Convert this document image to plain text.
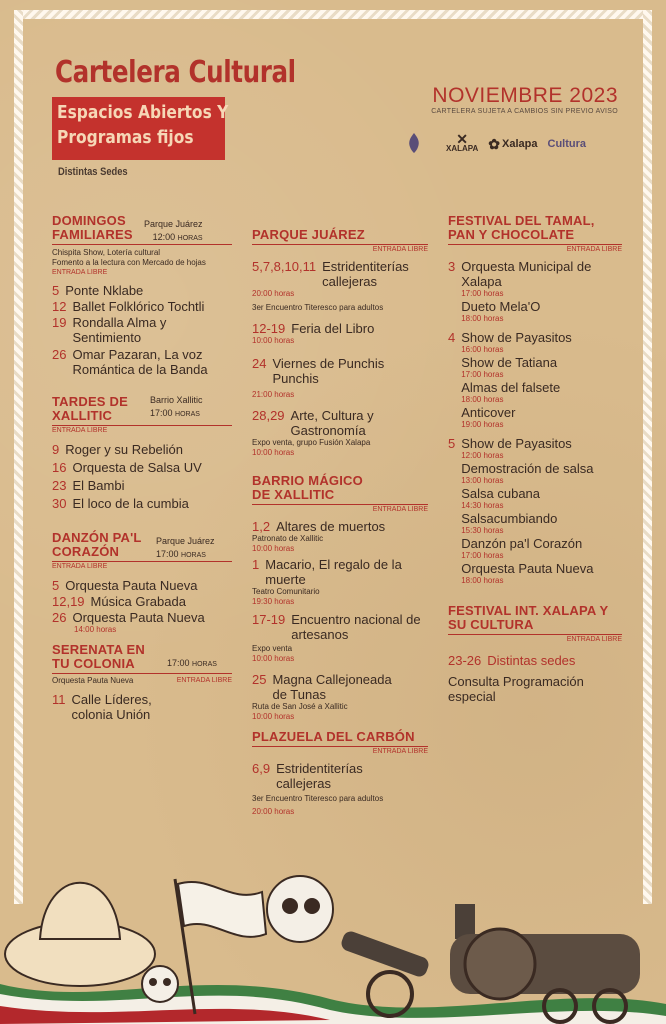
Cartelera Cultural
Espacios Abiertos Y
Programas fijos
Distintas Sedes
NOVIEMBRE 2023
CARTELERA SUJETA A CAMBIOS SIN PREVIO AVISO
✕
XALAPA ✿ Xalapa Cultura
DOMINGOS
FAMILIARES
Parque Juárez
12:00 HORAS
Chispita Show, Lotería cultural
Fomento a la lectura con Mercado de hojas
ENTRADA LIBRE
5 Ponte Nklabe
12 Ballet Folklórico Tochtli
19 Rondalla Alma y Sentimiento
26 Omar Pazaran, La voz Romántica de la Banda
TARDES DE
XALLITIC
Barrio Xallitic
17:00 HORAS
ENTRADA LIBRE
9 Roger y su Rebelión
16 Orquesta de Salsa UV
23 El Bambi
30 El loco de la cumbia
DANZÓN PA'L
CORAZÓN
Parque Juárez
17:00 HORAS
ENTRADA LIBRE
5 Orquesta Pauta Nueva
12,19 Música Grabada
26 Orquesta Pauta Nueva
14:00 horas
SERENATA EN
TU COLONIA	17:00 HORAS
Orquesta Pauta Nueva	ENTRADA LIBRE
11 Calle Líderes, colonia Unión
PARQUE JUÁREZ
ENTRADA LIBRE
5,7,8,10,11 Estridentiterías callejeras
20:00 horas
3er Encuentro Titeresco para adultos
12-19 Feria del Libro
10:00 horas
24 Viernes de Punchis Punchis
21:00 horas
28,29 Arte, Cultura y Gastronomía
Expo venta, grupo Fusión Xalapa
10:00 horas
BARRIO MÁGICO
DE XALLITIC
ENTRADA LIBRE
1,2 Altares de muertos
Patronato de Xallitic
10:00 horas
1 Macario, El regalo de la muerte
Teatro Comunitario
19:30 horas
17-19 Encuentro nacional de artesanos
Expo venta
10:00 horas
25 Magna Callejoneada de Tunas
Ruta de San José a Xallitic
10:00 horas
PLAZUELA DEL CARBÓN
ENTRADA LIBRE
6,9 Estridentiterías callejeras
3er Encuentro Titeresco para adultos
20:00 horas
FESTIVAL DEL TAMAL,
PAN Y CHOCOLATE
ENTRADA LIBRE
3 Orquesta Municipal de Xalapa
17:00 horas
Dueto Mela'O
18:00 horas
4 Show de Payasitos
16:00 horas
Show de Tatiana
17:00 horas
Almas del falsete
18:00 horas
Anticover
19:00 horas
5 Show de Payasitos
12:00 horas
Demostración de salsa
13:00 horas
Salsa cubana
14:30 horas
Salsacumbiando
15:30 horas
Danzón pa'l Corazón
17:00 horas
Orquesta Pauta Nueva
18:00 horas
FESTIVAL INT. XALAPA Y
SU CULTURA
ENTRADA LIBRE
23-26 Distintas sedes
Consulta Programación
especial
